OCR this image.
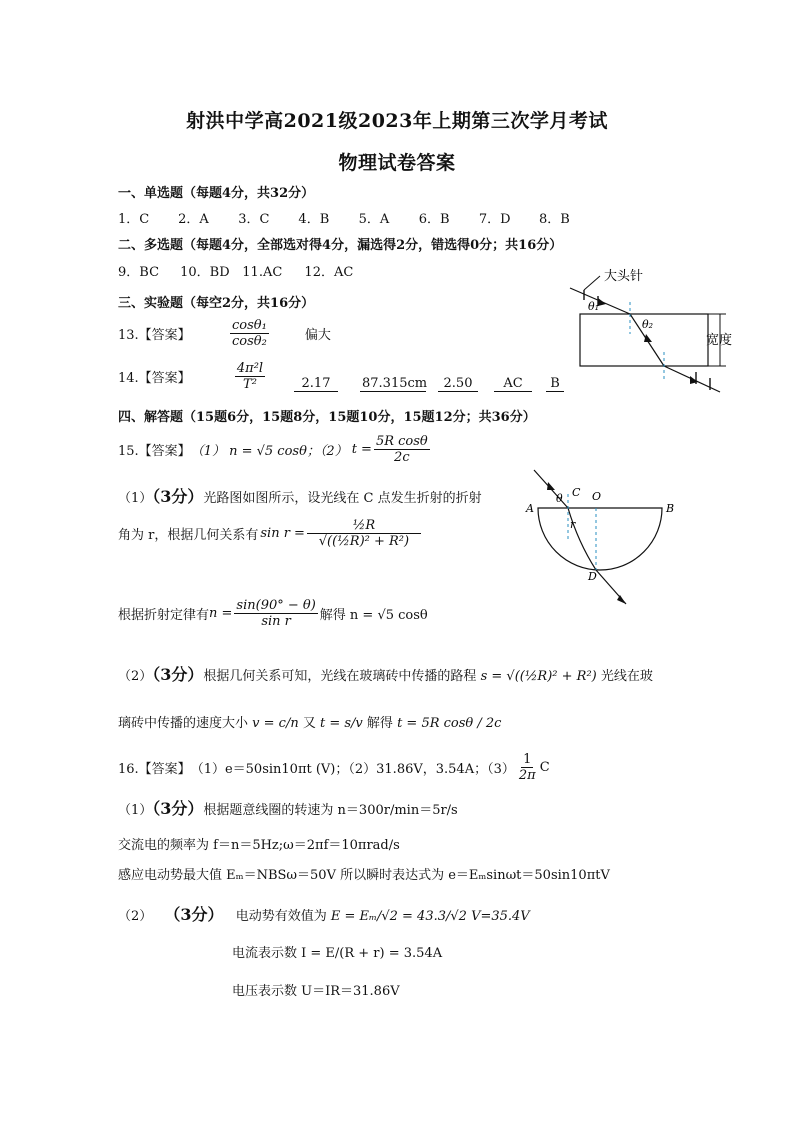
射洪中学高2021级2023年上期第三次学月考试
物理试卷答案
一、单选题（每题4分，共32分）
1．C 2．A 3．C 4．B 5．A 6．B 7．D 8．B
二、多选题（每题4分，全部选对得4分，漏选得2分，错选得0分；共16分）
9．BC 10．BD 11.AC 12．AC
三、实验题（每空2分，共16分）
13.【答案】	$\frac{\text{cosθ₁}}{\text{cosθ₂}}$	偏大
14.【答案】	$\frac{\text{4π²l}}{\text{T²}}$	2.17	87.315cm	2.50	AC	B
大头针
θ₁
θ₂
宽度
四、解答题（15题6分，15题8分，15题10分，15题12分；共36分）
15.【答案】 （1） n = √5 cosθ；（2） $t = \frac{\text{5R cosθ}}{2c}$
（1）（3分）光路图如图所示，设光线在 C 点发生折射的折射
角为 r，根据几何关系有 $\sin r = \frac{\text{½R}}{\text{√((½R)² + R²)}}$
根据折射定律有 $n = \frac{\sin(90^\circ - \theta)}{\text{sin r}}$ 解得 n = √5 cosθ
A	B
C O
D
θ
r
（2）（3分）根据几何关系可知，光线在玻璃砖中传播的路程 s = √((½R)² + R²) 光线在玻
璃砖中传播的速度大小 v = c/n 又 t = s/v 解得 t = 5R cosθ / 2c
16.【答案】 （1）e＝50sin10πt (V)；（2）31.86V，3.54A；$(3) \frac{1}{2\pi}$ C
（1）（3分）根据题意线圈的转速为 n＝300r/min＝5r/s
交流电的频率为 f＝n＝5Hz;ω＝2πf＝10πrad/s
感应电动势最大值 Eₘ＝NBSω＝50V 所以瞬时表达式为 e＝Eₘsinωt＝50sin10πtV
（2） （3分） 电动势有效值为 E = Eₘ/√2 = 43.3/√2 V=35.4V
电流表示数 I = E/(R + r) = 3.54A
电压表示数 U＝IR＝31.86V
